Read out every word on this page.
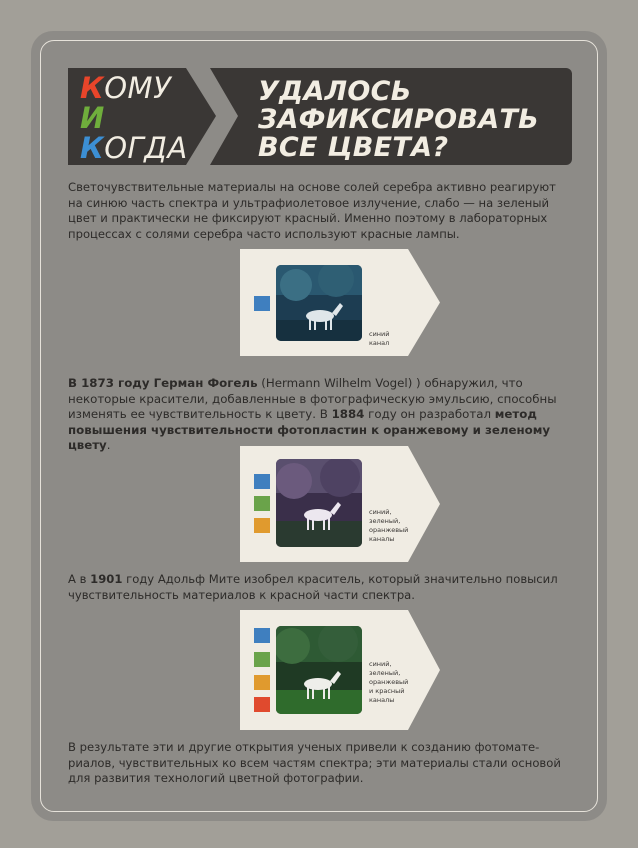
КОМУ
И
КОГДА
УДАЛОСЬ
ЗАФИКСИРОВАТЬ
ВСЕ ЦВЕТА?

Светочувствительные материалы на основе солей серебра активно реагируют на синюю часть спектра и ультрафиолетовое излучение, слабо — на зеленый цвет и практически не фиксируют красный. Именно поэтому в лабораторных процессах с солями серебра часто используют красные лампы.

синий
канал

В 1873 году Герман Фогель (Hermann Wilhelm Vogel) ) обнаружил, что некоторые красители, добавленные в фотографическую эмульсию, способны изменять ее чувствительность к цвету. В 1884 году он разработал метод повышения чувствительности фотопластин к оранжевому и зеленому цвету.

синий,
зеленый,
оранжевый
каналы

А в 1901 году Адольф Мите изобрел краситель, который значительно повысил чувствительность материалов к красной части спектра.

синий,
зеленый,
оранжевый
и красный
каналы

В результате эти и другие открытия ученых привели к созданию фотоматериалов, чувствительных ко всем частям спектра; эти материалы стали основой для развития технологий цветной фотографии.
